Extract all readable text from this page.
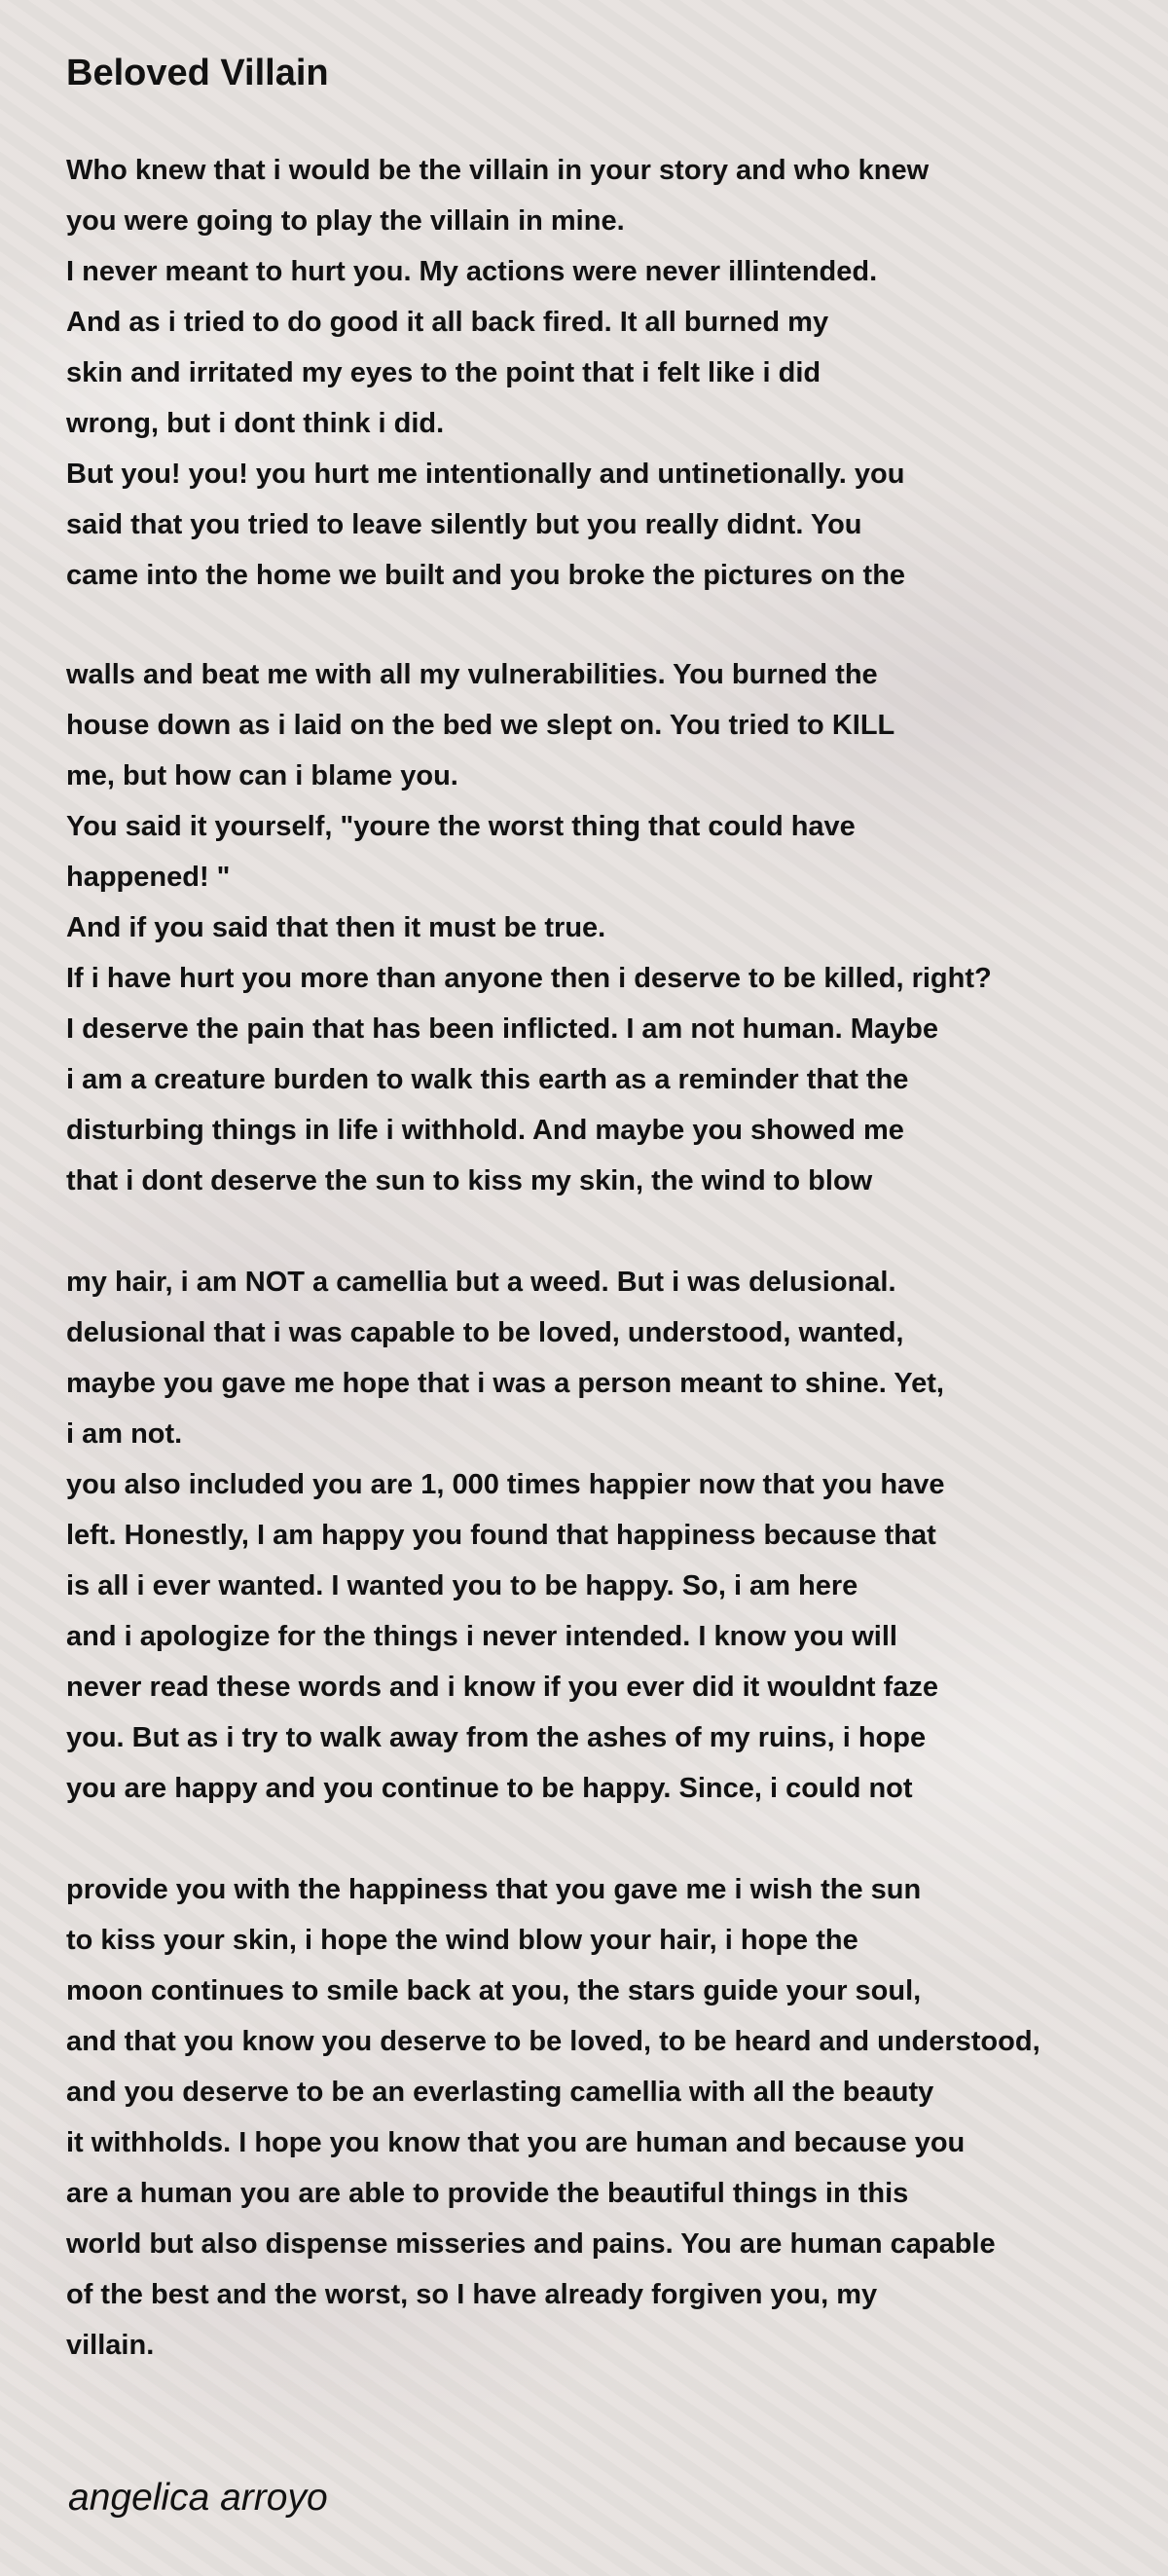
Beloved Villain
Who knew that i would be the villain in your story and who knew
you were going to play the villain in mine.
I never meant to hurt you. My actions were never illintended.
And as i tried to do good it all back fired. It all burned my
skin and irritated my eyes to the point that i felt like i did
wrong, but i dont think i did.
But you! you! you hurt me intentionally and untinetionally. you
said that you tried to leave silently but you really didnt. You
came into the home we built and you broke the pictures on the
walls and beat me with all my vulnerabilities. You burned the
house down as i laid on the bed we slept on. You tried to KILL
me, but how can i blame you.
You said it yourself, "youre the worst thing that could have
happened! "
And if you said that then it must be true.
If i have hurt you more than anyone then i deserve to be killed, right?
I deserve the pain that has been inflicted. I am not human. Maybe
i am a creature burden to walk this earth as a reminder that the
disturbing things in life i withhold. And maybe you showed me
that i dont deserve the sun to kiss my skin, the wind to blow
my hair, i am NOT a camellia but a weed. But i was delusional.
delusional that i was capable to be loved, understood, wanted,
maybe you gave me hope that i was a person meant to shine. Yet,
i am not.
you also included you are 1, 000 times happier now that you have
left. Honestly, I am happy you found that happiness because that
is all i ever wanted. I wanted you to be happy. So, i am here
and i apologize for the things i never intended. I know you will
never read these words and i know if you ever did it wouldnt faze
you. But as i try to walk away from the ashes of my ruins, i hope
you are happy and you continue to be happy. Since, i could not
provide you with the happiness that you gave me i wish the sun
to kiss your skin, i hope the wind blow your hair, i hope the
moon continues to smile back at you, the stars guide your soul,
and that you know you deserve to be loved, to be heard and understood,
and you deserve to be an everlasting camellia with all the beauty
it withholds. I hope you know that you are human and because you
are a human you are able to provide the beautiful things in this
world but also dispense misseries and pains. You are human capable
of the best and the worst, so I have already forgiven you, my
villain.
angelica arroyo
